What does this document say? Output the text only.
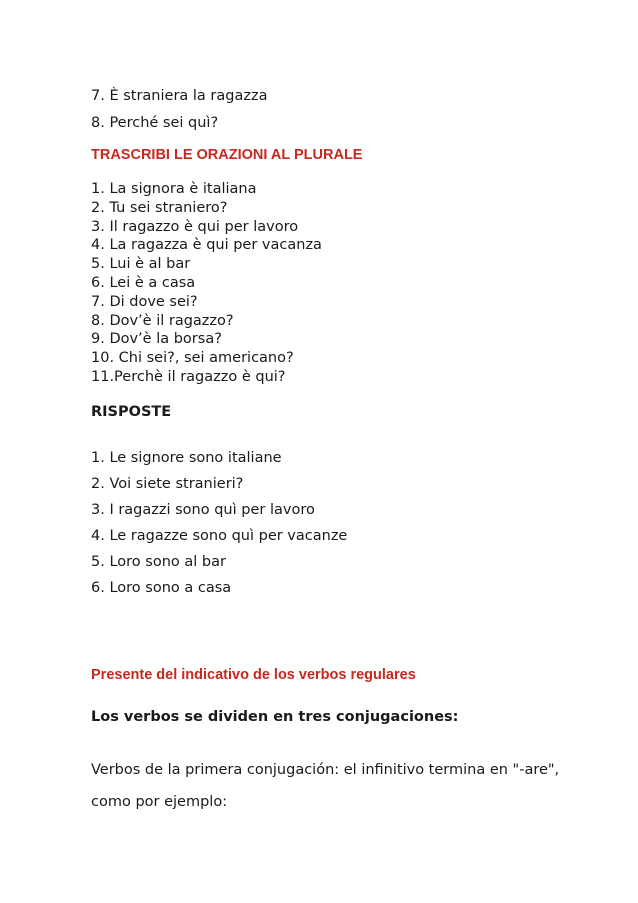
7. È straniera la ragazza
8. Perché sei quì?
TRASCRIBI LE ORAZIONI AL PLURALE
1. La signora è italiana
2. Tu sei straniero?
3. Il ragazzo è qui per lavoro
4. La ragazza è qui per vacanza
5. Lui è al bar
6. Lei è a casa
7. Di dove sei?
8. Dov’è il ragazzo?
9. Dov’è la borsa?
10. Chi sei?, sei americano?
11.Perchè il ragazzo è qui?
RISPOSTE
1. Le signore sono italiane
2. Voi siete stranieri?
3. I ragazzi sono quì per lavoro
4. Le ragazze sono quì per vacanze
5. Loro sono al bar
6. Loro sono a casa
Presente del indicativo de los verbos regulares
Los verbos se dividen en tres conjugaciones:

Verbos de la primera conjugación: el infinitivo termina en "-are", como por ejemplo:
